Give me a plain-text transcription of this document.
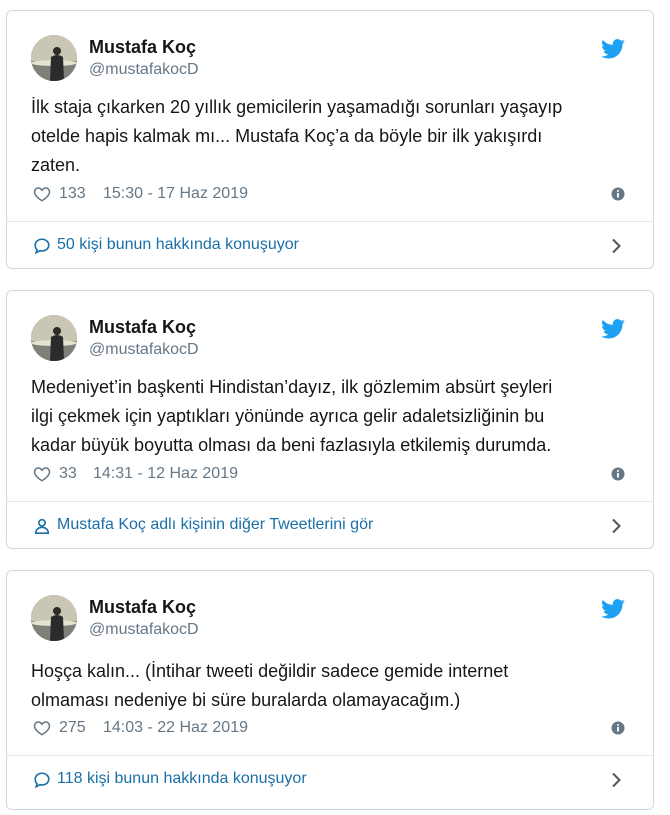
Mustafa Koç
@mustafakocD
İlk staja çıkarken 20 yıllık gemicilerin yaşamadığı sorunları yaşayıp
otelde hapis kalmak mı... Mustafa Koç’a da böyle bir ilk yakışırdı
zaten.
133 15:30 - 17 Haz 2019
50 kişi bunun hakkında konuşuyor
Mustafa Koç
@mustafakocD
Medeniyet’in başkenti Hindistan’dayız, ilk gözlemim absürt şeyleri
ilgi çekmek için yaptıkları yönünde ayrıca gelir adaletsizliğinin bu
kadar büyük boyutta olması da beni fazlasıyla etkilemiş durumda.
33 14:31 - 12 Haz 2019
Mustafa Koç adlı kişinin diğer Tweetlerini gör
Mustafa Koç
@mustafakocD
Hoşça kalın... (İntihar tweeti değildir sadece gemide internet
olmaması nedeniye bi süre buralarda olamayacağım.)
275 14:03 - 22 Haz 2019
118 kişi bunun hakkında konuşuyor
